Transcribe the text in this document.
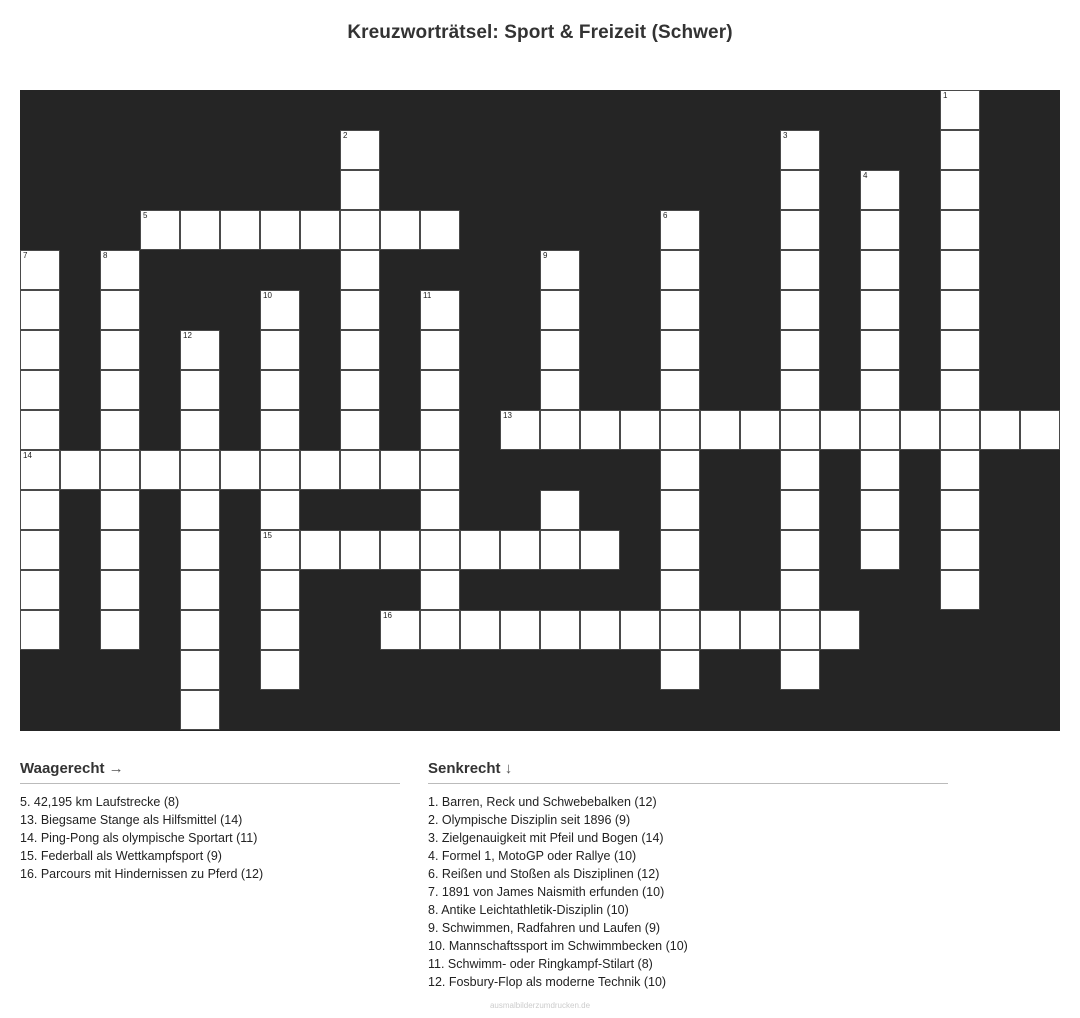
Kreuzworträtsel: Sport & Freizeit (Schwer)
1
2	3
4
5	6
7	8	9
10	11
12
13
14
15
16
Waagerecht →
5. 42,195 km Laufstrecke (8)
13. Biegsame Stange als Hilfsmittel (14)
14. Ping-Pong als olympische Sportart (11)
15. Federball als Wettkampfsport (9)
16. Parcours mit Hindernissen zu Pferd (12)
Senkrecht ↓
1. Barren, Reck und Schwebebalken (12)
2. Olympische Disziplin seit 1896 (9)
3. Zielgenauigkeit mit Pfeil und Bogen (14)
4. Formel 1, MotoGP oder Rallye (10)
6. Reißen und Stoßen als Disziplinen (12)
7. 1891 von James Naismith erfunden (10)
8. Antike Leichtathletik-Disziplin (10)
9. Schwimmen, Radfahren und Laufen (9)
10. Mannschaftssport im Schwimmbecken (10)
11. Schwimm- oder Ringkampf-Stilart (8)
12. Fosbury-Flop als moderne Technik (10)
ausmalbilderzumdrucken.de
